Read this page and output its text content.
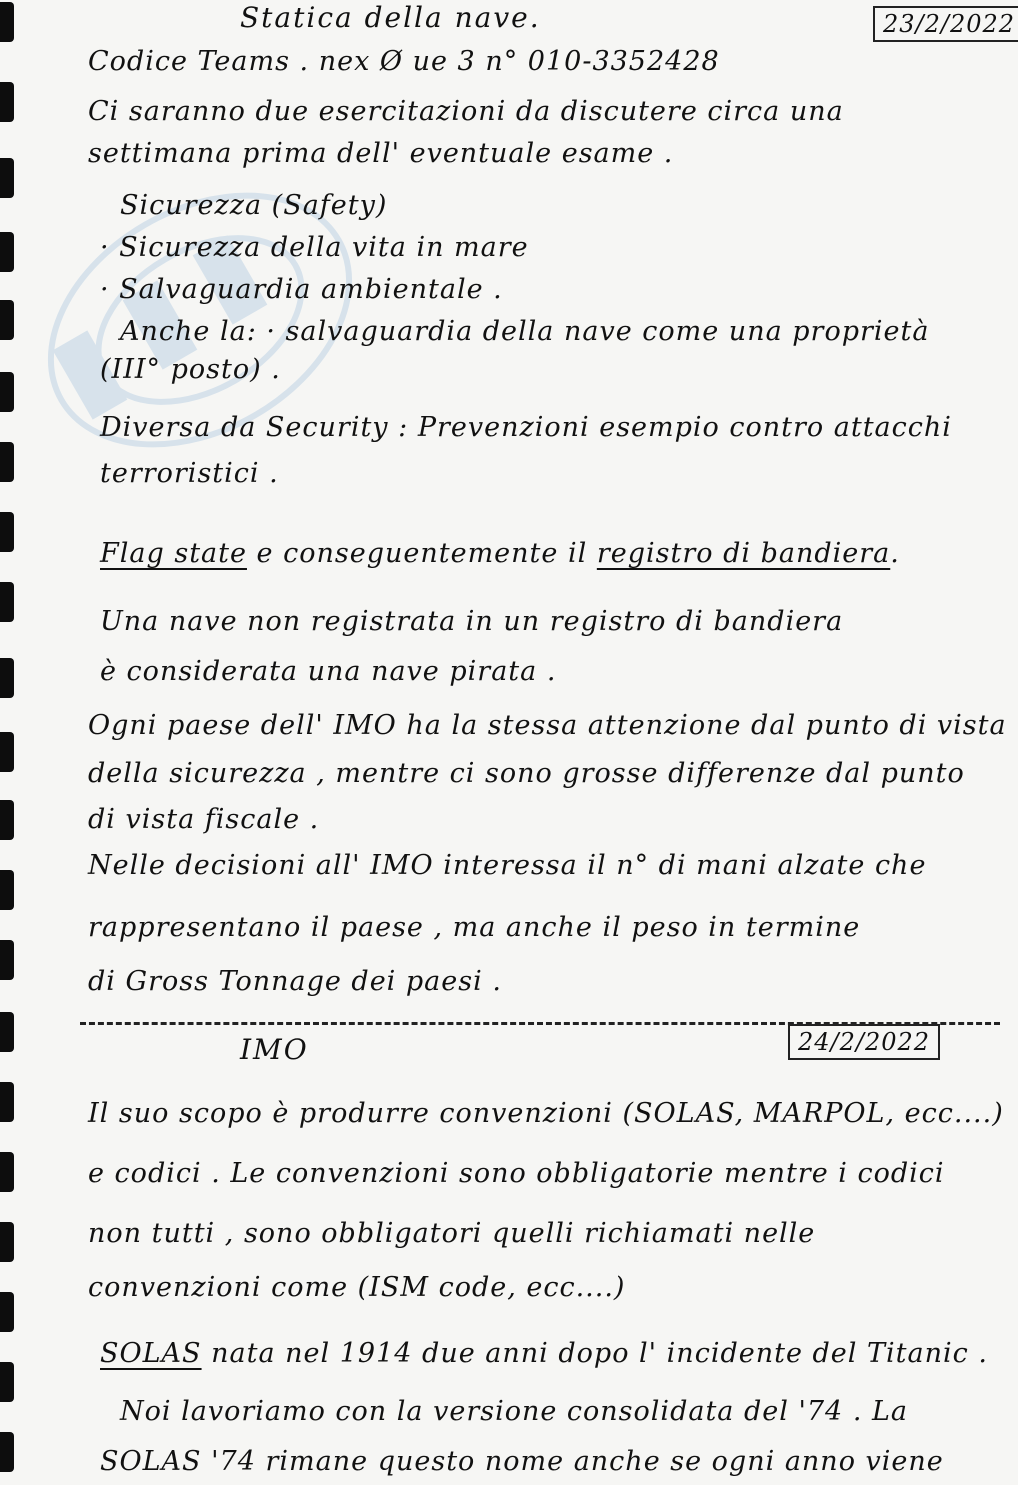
Statica della nave.	23/2/2022
Codice Teams . nex Ø ue 3 n° 010-3352428
Ci saranno due esercitazioni da discutere circa una
settimana prima dell' eventuale esame .
Sicurezza (Safety)
· Sicurezza della vita in mare
· Salvaguardia ambientale .
Anche la: · salvaguardia della nave come una proprietà
(III° posto) .
Diversa da Security : Prevenzioni esempio contro attacchi
terroristici .
Flag state e conseguentemente il registro di bandiera.
Una nave non registrata in un registro di bandiera
è considerata una nave pirata .
Ogni paese dell' IMO ha la stessa attenzione dal punto di vista
della sicurezza , mentre ci sono grosse differenze dal punto
di vista fiscale .
Nelle decisioni all' IMO interessa il n° di mani alzate che
rappresentano il paese , ma anche il peso in termine
di Gross Tonnage dei paesi .
IMO	24/2/2022
Il suo scopo è produrre convenzioni (SOLAS, MARPOL, ecc....)
e codici . Le convenzioni sono obbligatorie mentre i codici
non tutti , sono obbligatori quelli richiamati nelle
convenzioni come (ISM code, ecc....)
SOLAS nata nel 1914 due anni dopo l' incidente del Titanic .
Noi lavoriamo con la versione consolidata del '74 . La
SOLAS '74 rimane questo nome anche se ogni anno viene
